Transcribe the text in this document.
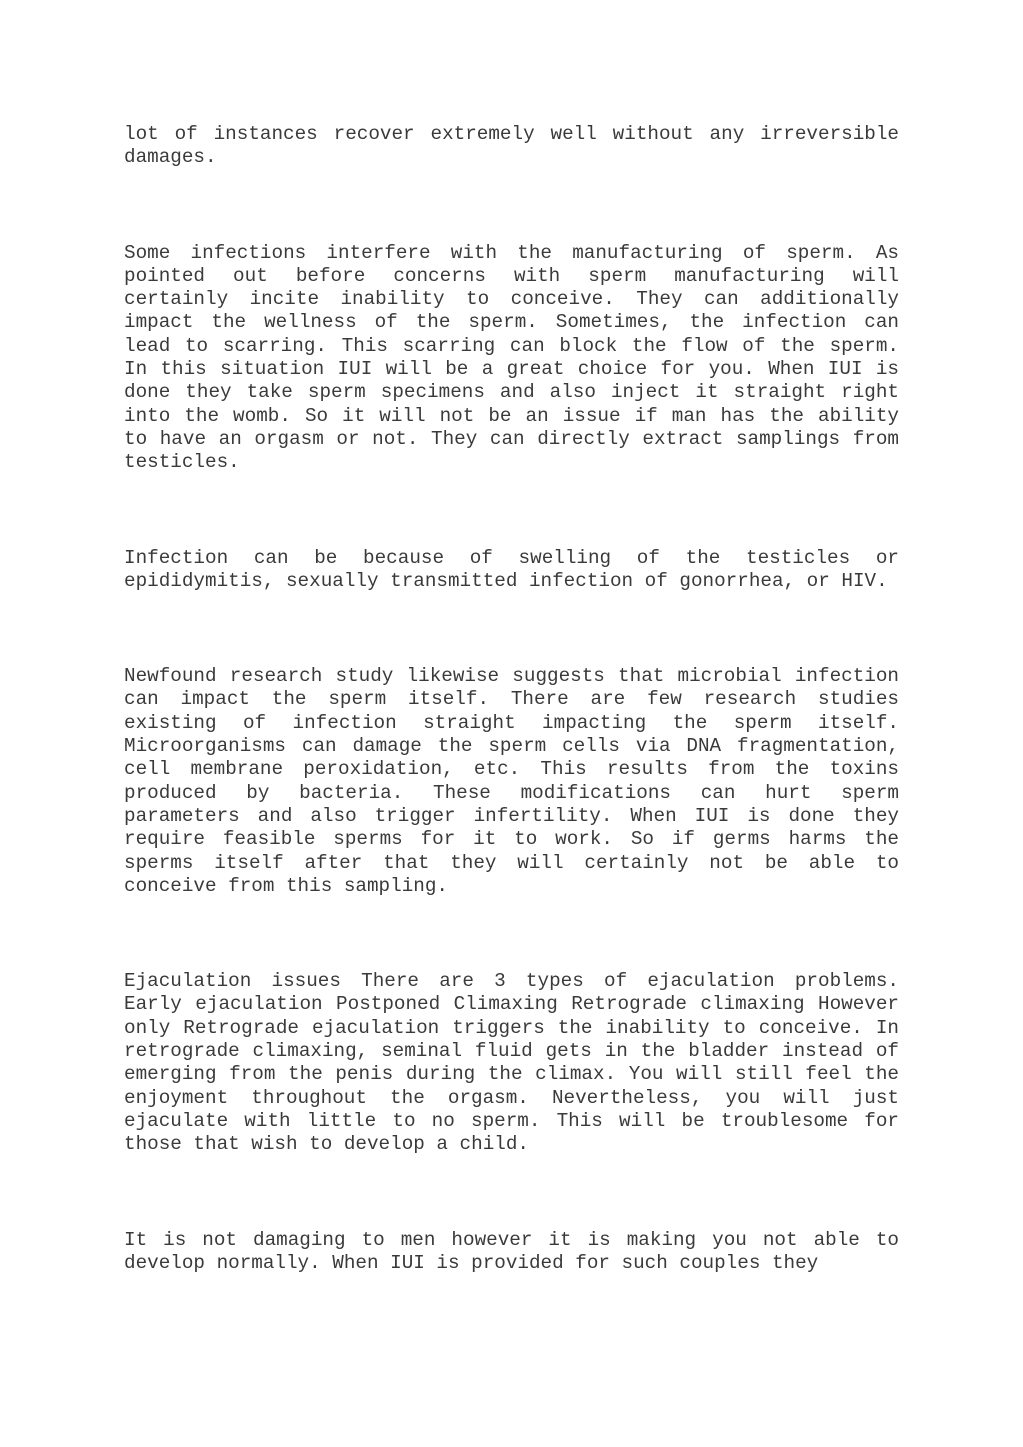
lot of instances recover extremely well without any irreversible damages.

Some infections interfere with the manufacturing of sperm. As pointed out before concerns with sperm manufacturing will certainly incite inability to conceive. They can additionally impact the wellness of the sperm. Sometimes, the infection can lead to scarring. This scarring can block the flow of the sperm. In this situation IUI will be a great choice for you. When IUI is done they take sperm specimens and also inject it straight right into the womb. So it will not be an issue if man has the ability to have an orgasm or not. They can directly extract samplings from testicles.

Infection can be because of swelling of the testicles or epididymitis, sexually transmitted infection of gonorrhea, or HIV.

Newfound research study likewise suggests that microbial infection can impact the sperm itself. There are few research studies existing of infection straight impacting the sperm itself. Microorganisms can damage the sperm cells via DNA fragmentation, cell membrane peroxidation, etc. This results from the toxins produced by bacteria. These modifications can hurt sperm parameters and also trigger infertility. When IUI is done they require feasible sperms for it to work. So if germs harms the sperms itself after that they will certainly not be able to conceive from this sampling.

Ejaculation issues There are 3 types of ejaculation problems. Early ejaculation Postponed Climaxing Retrograde climaxing However only Retrograde ejaculation triggers the inability to conceive. In retrograde climaxing, seminal fluid gets in the bladder instead of emerging from the penis during the climax. You will still feel the enjoyment throughout the orgasm. Nevertheless, you will just ejaculate with little to no sperm. This will be troublesome for those that wish to develop a child.

It is not damaging to men however it is making you not able to develop normally. When IUI is provided for such couples they
